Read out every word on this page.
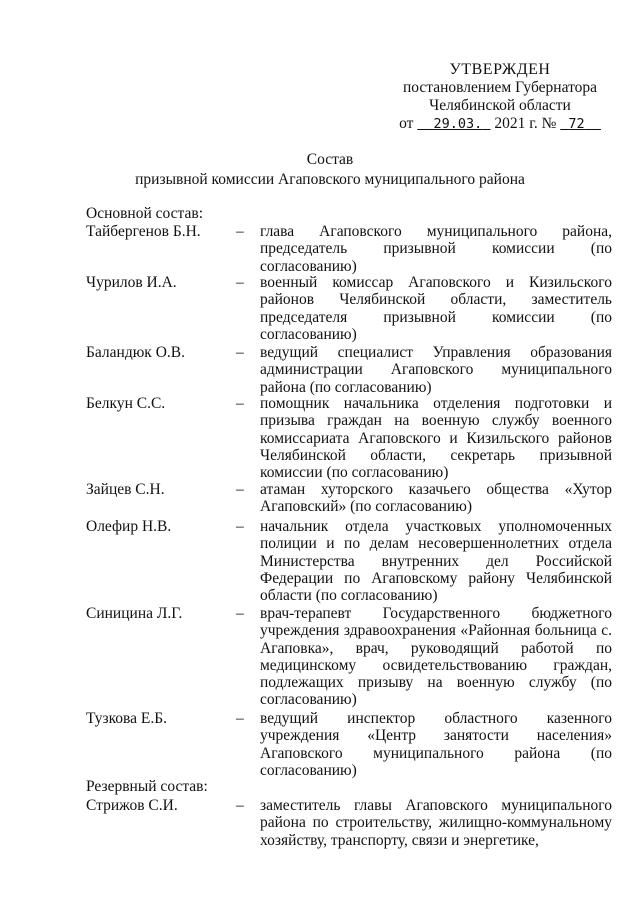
УТВЕРЖДЕН
постановлением Губернатора
Челябинской области
от 29.03. 2021 г. № 72
Состав
призывной комиссии Агаповского муниципального района
Основной состав:
Тайбергенов Б.Н.	–	глава Агаповского муниципального района, председатель призывной комиссии (по согласованию)
Чурилов И.А.	–	военный комиссар Агаповского и Кизильского районов Челябинской области, заместитель председателя призывной комиссии (по согласованию)
Баландюк О.В.	–	ведущий специалист Управления образования администрации Агаповского муниципального района (по согласованию)
Белкун С.С.	–	помощник начальника отделения подготовки и призыва граждан на военную службу военного комиссариата Агаповского и Кизильского районов Челябинской области, секретарь призывной комиссии (по согласованию)
Зайцев С.Н.	–	атаман хуторского казачьего общества «Хутор Агаповский» (по согласованию)
Олефир Н.В.	–	начальник отдела участковых уполномоченных полиции и по делам несовершеннолетних отдела Министерства внутренних дел Российской Федерации по Агаповскому району Челябинской области (по согласованию)
Синицина Л.Г.	–	врач-терапевт Государственного бюджетного учреждения здравоохранения «Районная больница с. Агаповка», врач, руководящий работой по медицинскому освидетельствованию граждан, подлежащих призыву на военную службу (по согласованию)
Тузкова Е.Б.	–	ведущий инспектор областного казенного учреждения «Центр занятости населения» Агаповского муниципального района (по согласованию)
Резервный состав:
Стрижов С.И.	–	заместитель главы Агаповского муниципального района по строительству, жилищно-коммунальному хозяйству, транспорту, связи и энергетике,
